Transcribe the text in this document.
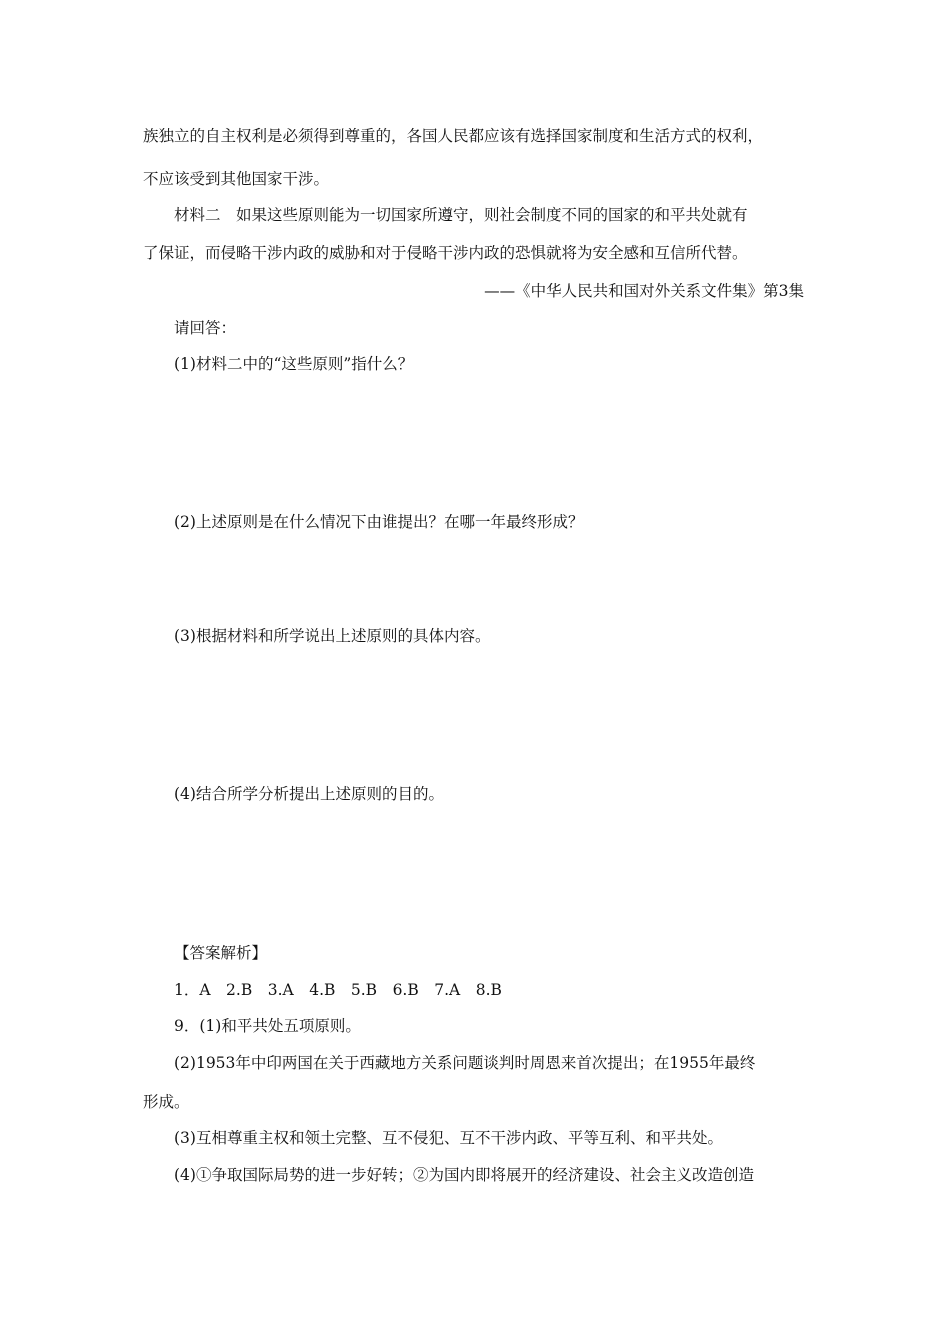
族独立的自主权利是必须得到尊重的，各国人民都应该有选择国家制度和生活方式的权利，
不应该受到其他国家干涉。
材料二　如果这些原则能为一切国家所遵守，则社会制度不同的国家的和平共处就有
了保证，而侵略干涉内政的威胁和对于侵略干涉内政的恐惧就将为安全感和互信所代替。
——《中华人民共和国对外关系文件集》第3集
请回答：
(1)材料二中的“这些原则”指什么？
(2)上述原则是在什么情况下由谁提出？在哪一年最终形成？
(3)根据材料和所学说出上述原则的具体内容。
(4)结合所学分析提出上述原则的目的。
【答案解析】
1．A　2.B　3.A　4.B　5.B　6.B　7.A　8.B
9．(1)和平共处五项原则。
(2)1953年中印两国在关于西藏地方关系问题谈判时周恩来首次提出；在1955年最终
形成。
(3)互相尊重主权和领土完整、互不侵犯、互不干涉内政、平等互利、和平共处。
(4)①争取国际局势的进一步好转；②为国内即将展开的经济建设、社会主义改造创造
